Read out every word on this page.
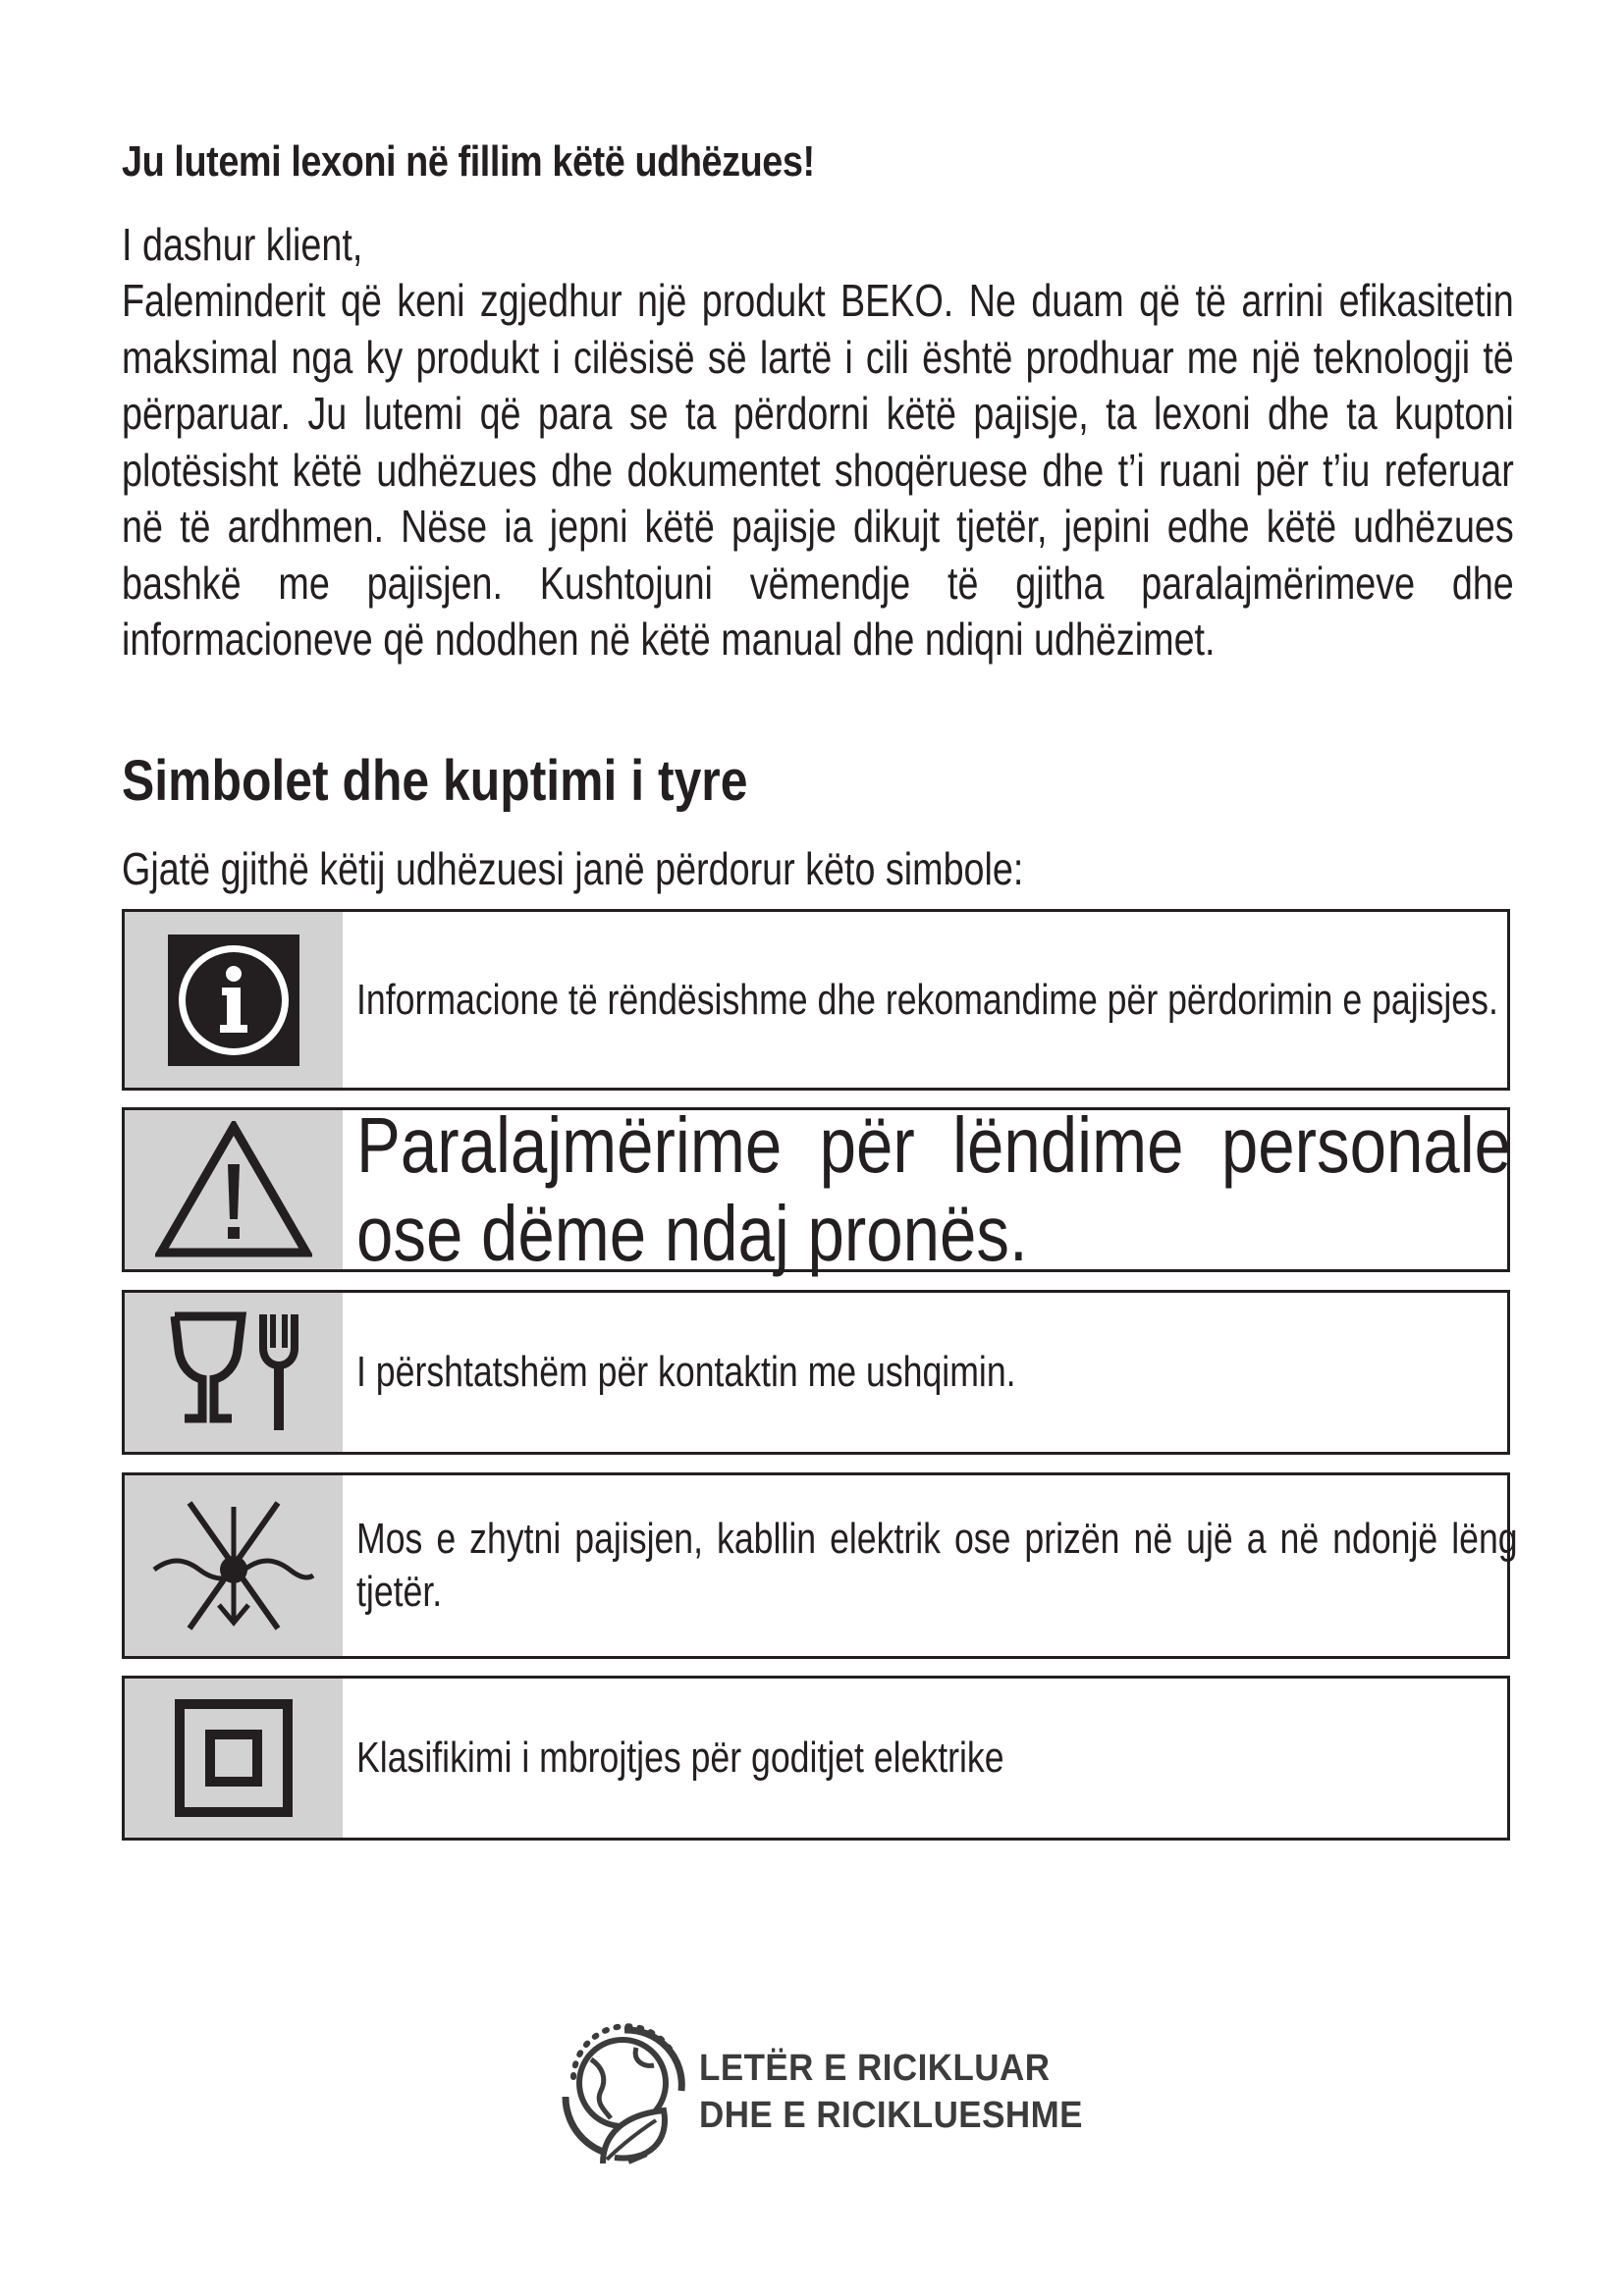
Ju lutemi lexoni në fillim këtë udhëzues!
I dashur klient,
Faleminderit që keni zgjedhur një produkt BEKO. Ne duam që të arrini efikasitetin maksimal nga ky produkt i cilësisë së lartë i cili është prodhuar me një teknologji të përparuar. Ju lutemi që para se ta përdorni këtë pajisje, ta lexoni dhe ta kuptoni plotësisht këtë udhëzues dhe dokumentet shoqëruese dhe t’i ruani për t’iu referuar në të ardhmen. Nëse ia jepni këtë pajisje dikujt tjetër, jepini edhe këtë udhëzues bashkë me pajisjen. Kushtojuni vëmendje të gjitha paralajmërimeve dhe informacioneve që ndodhen në këtë manual dhe ndiqni udhëzimet.
Simbolet dhe kuptimi i tyre
Gjatë gjithë këtij udhëzuesi janë përdorur këto simbole:
Informacione të rëndësishme dhe rekomandime për përdorimin e pajisjes.
Paralajmërime për lëndime personale ose dëme ndaj pronës.
I përshtatshëm për kontaktin me ushqimin.
Mos e zhytni pajisjen, kabllin elektrik ose prizën në ujë a në ndonjë lëng tjetër.
Klasifikimi i mbrojtjes për goditjet elektrike
LETËR E RICIKLUAR
DHE E RICIKLUESHME
